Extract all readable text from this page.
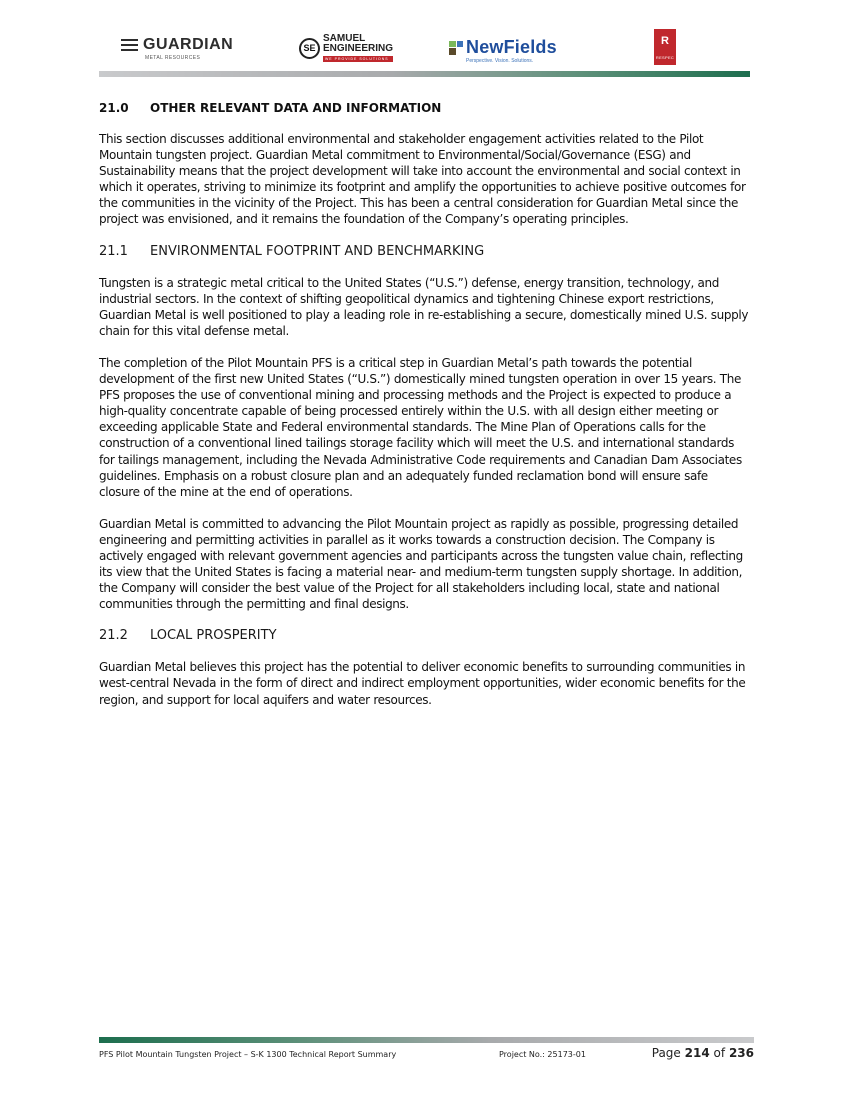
GUARDIAN
METAL RESOURCES
SE
SAMUEL
ENGINEERING
WE PROVIDE SOLUTIONS
NewFields
Perspective. Vision. Solutions.
R
RESPEC
21.0	OTHER RELEVANT DATA AND INFORMATION

This section discusses additional environmental and stakeholder engagement activities related to the Pilot Mountain tungsten project. Guardian Metal commitment to Environmental/Social/Governance (ESG) and Sustainability means that the project development will take into account the environmental and social context in which it operates, striving to minimize its footprint and amplify the opportunities to achieve positive outcomes for the communities in the vicinity of the Project. This has been a central consideration for Guardian Metal since the project was envisioned, and it remains the foundation of the Company’s operating principles.

21.1	ENVIRONMENTAL FOOTPRINT AND BENCHMARKING

Tungsten is a strategic metal critical to the United States (“U.S.”) defense, energy transition, technology, and industrial sectors. In the context of shifting geopolitical dynamics and tightening Chinese export restrictions, Guardian Metal is well positioned to play a leading role in re-establishing a secure, domestically mined U.S. supply chain for this vital defense metal.

The completion of the Pilot Mountain PFS is a critical step in Guardian Metal’s path towards the potential development of the first new United States (“U.S.”) domestically mined tungsten operation in over 15 years. The PFS proposes the use of conventional mining and processing methods and the Project is expected to produce a high-quality concentrate capable of being processed entirely within the U.S. with all design either meeting or exceeding applicable State and Federal environmental standards. The Mine Plan of Operations calls for the construction of a conventional lined tailings storage facility which will meet the U.S. and international standards for tailings management, including the Nevada Administrative Code requirements and Canadian Dam Associates guidelines. Emphasis on a robust closure plan and an adequately funded reclamation bond will ensure safe closure of the mine at the end of operations.

Guardian Metal is committed to advancing the Pilot Mountain project as rapidly as possible, progressing detailed engineering and permitting activities in parallel as it works towards a construction decision. The Company is actively engaged with relevant government agencies and participants across the tungsten value chain, reflecting its view that the United States is facing a material near- and medium-term tungsten supply shortage. In addition, the Company will consider the best value of the Project for all stakeholders including local, state and national communities through the permitting and final designs.

21.2	LOCAL PROSPERITY

Guardian Metal believes this project has the potential to deliver economic benefits to surrounding communities in west-central Nevada in the form of direct and indirect employment opportunities, wider economic benefits for the region, and support for local aquifers and water resources.

PFS Pilot Mountain Tungsten Project – S-K 1300 Technical Report Summary	Project No.: 25173-01	Page 214 of 236
